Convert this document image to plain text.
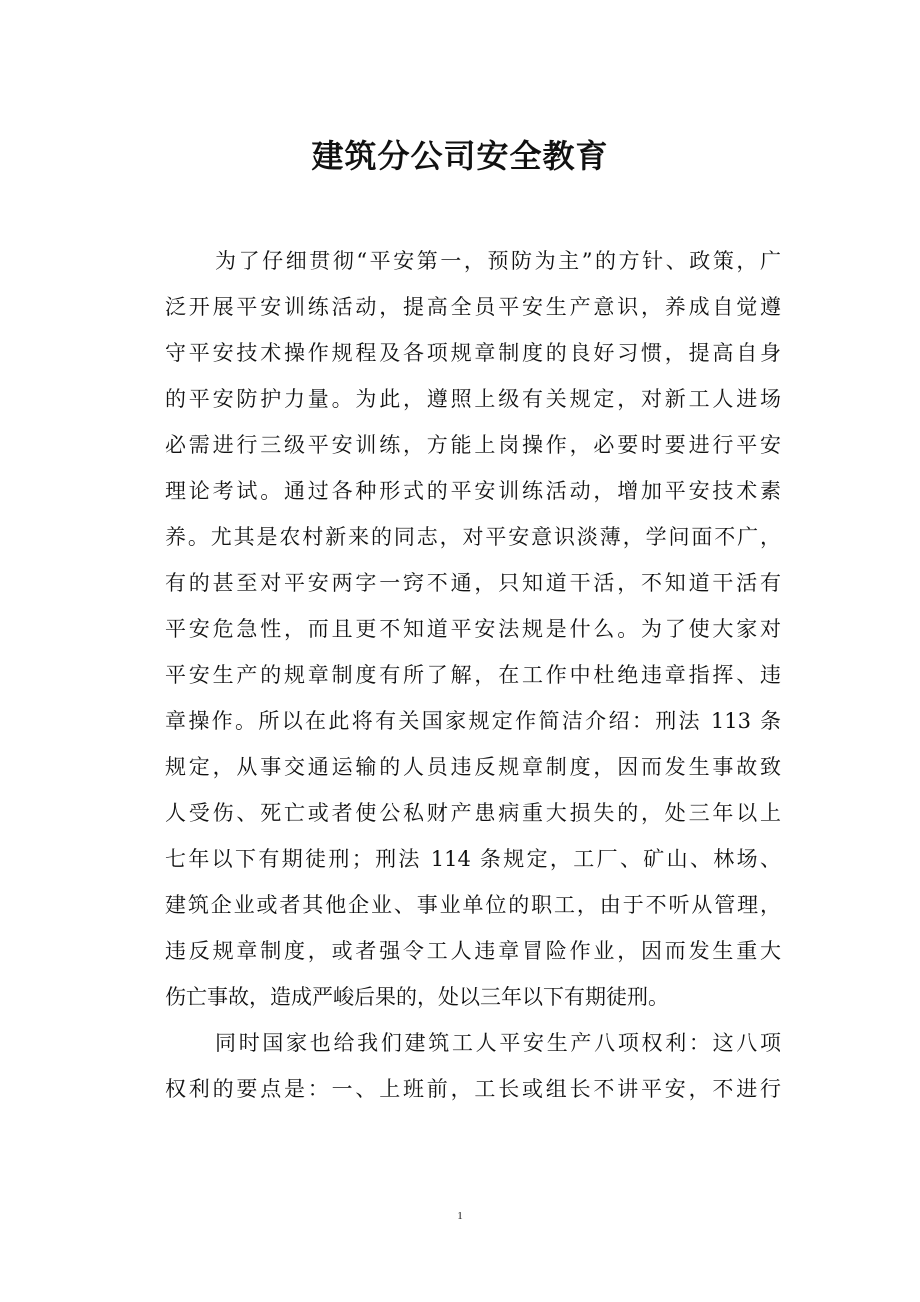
建筑分公司安全教育
为了仔细贯彻“平安第一，预防为主”的方针、政策，广
泛开展平安训练活动，提高全员平安生产意识，养成自觉遵
守平安技术操作规程及各项规章制度的良好习惯，提高自身
的平安防护力量。为此，遵照上级有关规定，对新工人进场
必需进行三级平安训练，方能上岗操作，必要时要进行平安
理论考试。通过各种形式的平安训练活动，增加平安技术素
养。尤其是农村新来的同志，对平安意识淡薄，学问面不广，
有的甚至对平安两字一窍不通，只知道干活，不知道干活有
平安危急性，而且更不知道平安法规是什么。为了使大家对
平安生产的规章制度有所了解，在工作中杜绝违章指挥、违
章操作。所以在此将有关国家规定作简洁介绍：刑法 113 条
规定，从事交通运输的人员违反规章制度，因而发生事故致
人受伤、死亡或者使公私财产患病重大损失的，处三年以上
七年以下有期徒刑；刑法 114 条规定，工厂、矿山、林场、
建筑企业或者其他企业、事业单位的职工，由于不听从管理，
违反规章制度，或者强令工人违章冒险作业，因而发生重大
伤亡事故，造成严峻后果的，处以三年以下有期徒刑。
同时国家也给我们建筑工人平安生产八项权利：这八项
权利的要点是：一、上班前，工长或组长不讲平安，不进行
1
